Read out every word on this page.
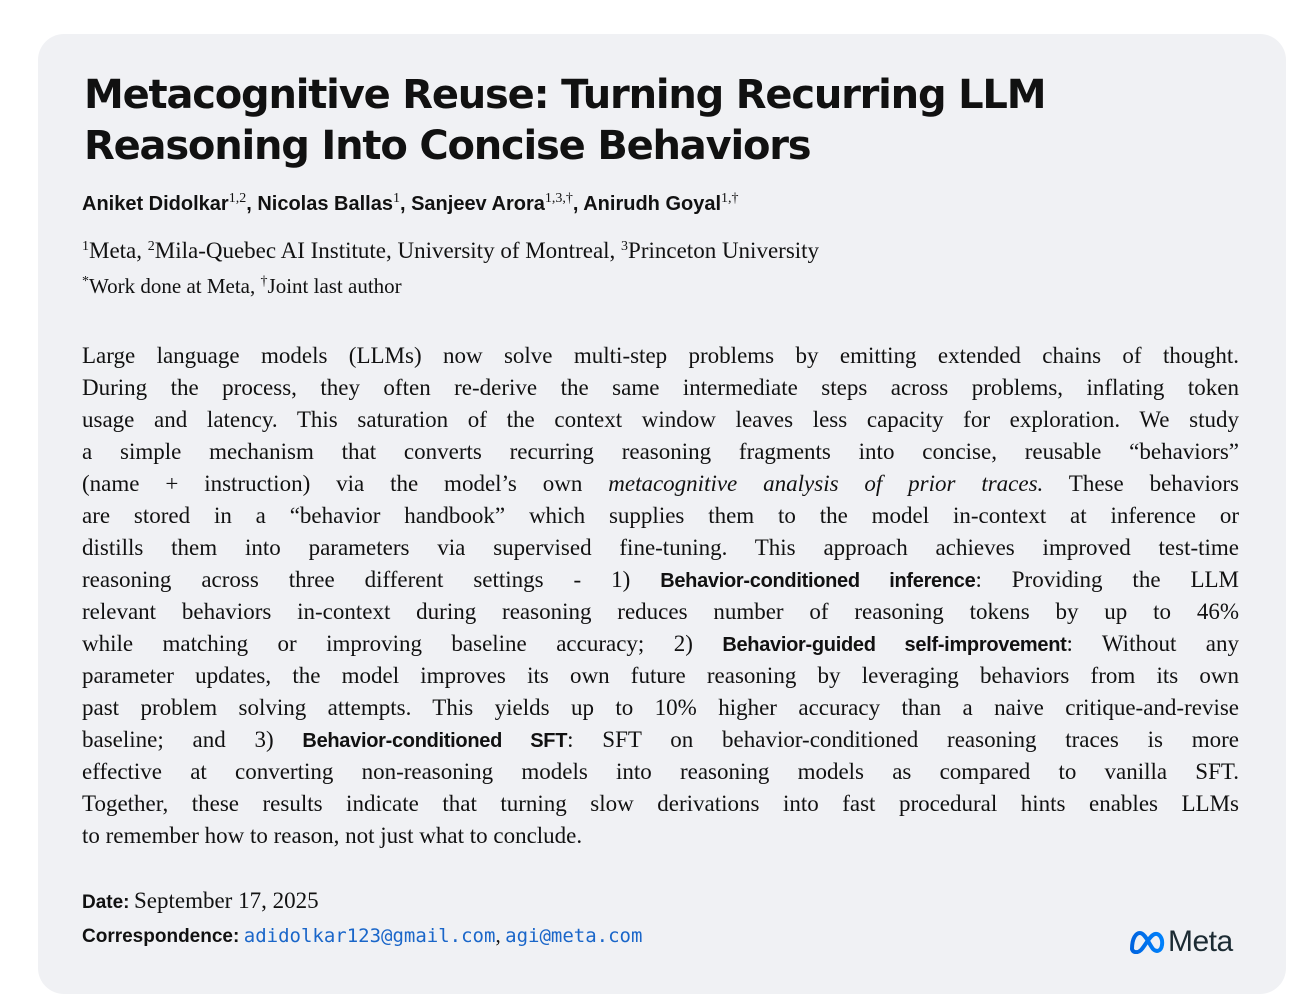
Metacognitive Reuse: Turning Recurring LLM
Reasoning Into Concise Behaviors
Aniket Didolkar$^{1,2}$, Nicolas Ballas$^1$, Sanjeev Arora$^{1,3,\dagger}$, Anirudh Goyal$^{1,\dagger}$
$^1$Meta, $^2$Mila-Quebec AI Institute, University of Montreal, $^3$Princeton University
*Work done at Meta, †Joint last author
Large language models (LLMs) now solve multi-step problems by emitting extended chains of thought.
During the process, they often re-derive the same intermediate steps across problems, inflating token
usage and latency. This saturation of the context window leaves less capacity for exploration. We study
a simple mechanism that converts recurring reasoning fragments into concise, reusable “behaviors”
(name + instruction) via the model’s own metacognitive analysis of prior traces. These behaviors
are stored in a “behavior handbook” which supplies them to the model in-context at inference or
distills them into parameters via supervised fine-tuning. This approach achieves improved test-time
reasoning across three different settings - 1) Behavior-conditioned inference: Providing the LLM
relevant behaviors in-context during reasoning reduces number of reasoning tokens by up to 46%
while matching or improving baseline accuracy; 2) Behavior-guided self-improvement: Without any
parameter updates, the model improves its own future reasoning by leveraging behaviors from its own
past problem solving attempts. This yields up to 10% higher accuracy than a naive critique-and-revise
baseline; and 3) Behavior-conditioned SFT: SFT on behavior-conditioned reasoning traces is more
effective at converting non-reasoning models into reasoning models as compared to vanilla SFT.
Together, these results indicate that turning slow derivations into fast procedural hints enables LLMs
to remember how to reason, not just what to conclude.
Date: September 17, 2025
Correspondence: adidolkar123@gmail.com, agi@meta.com	Meta
